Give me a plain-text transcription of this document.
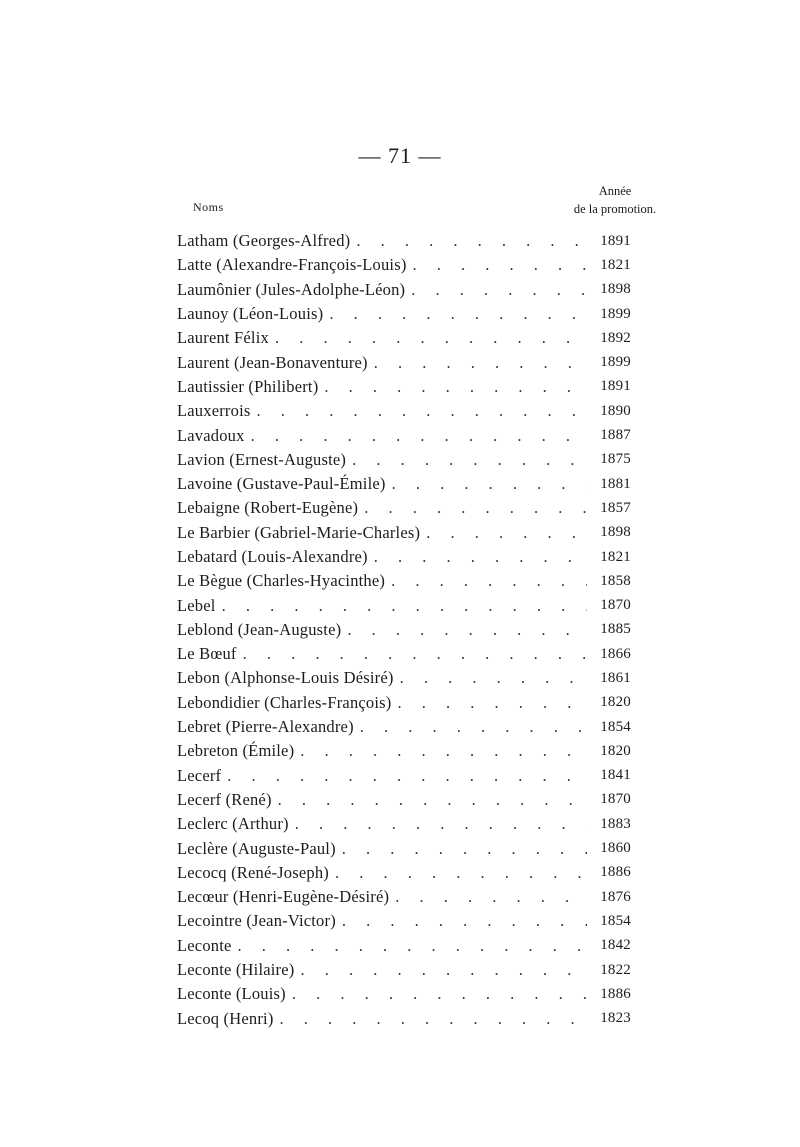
— 71 —
Noms
Année
de la promotion.
Latham (Georges-Alfred) . . .	1891
Latte (Alexandre-François-Louis) . . .	1821
Laumônier (Jules-Adolphe-Léon) . . .	1898
Launoy (Léon-Louis) . . .	1899
Laurent Félix . . .	1892
Laurent (Jean-Bonaventure) . . .	1899
Lautissier (Philibert) . . .	1891
Lauxerrois . . .	1890
Lavadoux . . .	1887
Lavion (Ernest-Auguste) . . .	1875
Lavoine (Gustave-Paul-Émile) . . .	1881
Lebaigne (Robert-Eugène) . . .	1857
Le Barbier (Gabriel-Marie-Charles) . . .	1898
Lebatard (Louis-Alexandre) . . .	1821
Le Bègue (Charles-Hyacinthe) . . .	1858
Lebel . . .	1870
Leblond (Jean-Auguste) . . .	1885
Le Bœuf . . .	1866
Lebon (Alphonse-Louis Désiré) . . .	1861
Lebondidier (Charles-François) . . .	1820
Lebret (Pierre-Alexandre) . . .	1854
Lebreton (Émile) . . .	1820
Lecerf . . .	1841
Lecerf (René) . . .	1870
Leclerc (Arthur) . . .	1883
Leclère (Auguste-Paul) . . .	1860
Lecocq (René-Joseph) . . .	1886
Lecœur (Henri-Eugène-Désiré) . . .	1876
Lecointre (Jean-Victor) . . .	1854
Leconte . . .	1842
Leconte (Hilaire) . . .	1822
Leconte (Louis) . . .	1886
Lecoq (Henri) . . .	1823
